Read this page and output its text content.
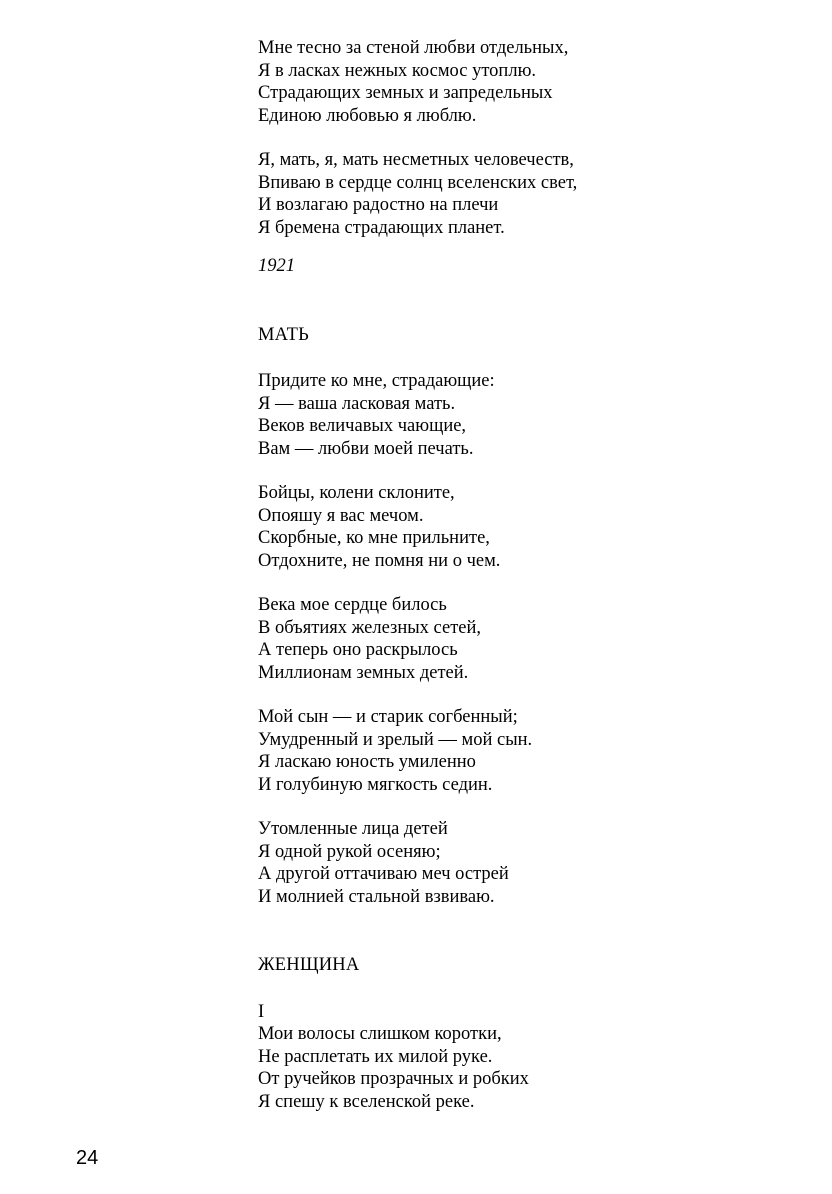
Мне тесно за стеной любви отдельных,
Я в ласках нежных космос утоплю.
Страдающих земных и запредельных
Единою любовью я люблю.
Я, мать, я, мать несметных человечеств,
Впиваю в сердце солнц вселенских свет,
И возлагаю радостно на плечи
Я бремена страдающих планет.
1921
МАТЬ
Придите ко мне, страдающие:
Я — ваша ласковая мать.
Веков величавых чающие,
Вам — любви моей печать.
Бойцы, колени склоните,
Опояшу я вас мечом.
Скорбные, ко мне прильните,
Отдохните, не помня ни о чем.
Века мое сердце билось
В объятиях железных сетей,
А теперь оно раскрылось
Миллионам земных детей.
Мой сын — и старик согбенный;
Умудренный и зрелый — мой сын.
Я ласкаю юность умиленно
И голубиную мягкость седин.
Утомленные лица детей
Я одной рукой осеняю;
А другой оттачиваю меч острей
И молнией стальной взвиваю.
ЖЕНЩИНА
I
Мои волосы слишком коротки,
Не расплетать их милой руке.
От ручейков прозрачных и робких
Я спешу к вселенской реке.
24
